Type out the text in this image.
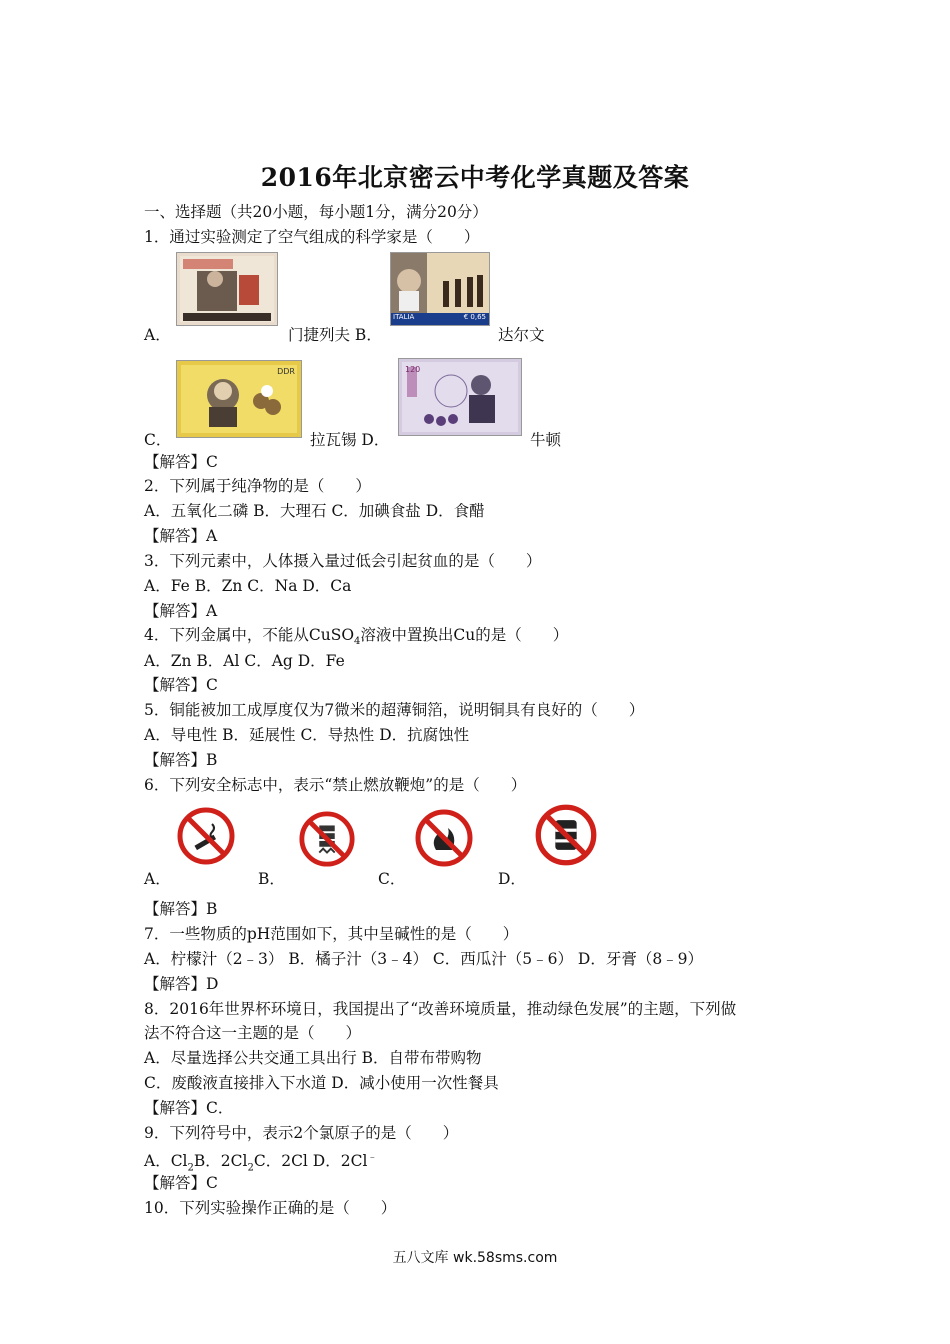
2016年北京密云中考化学真题及答案
一、选择题（共20小题，每小题1分，满分20分）
1．通过实验测定了空气组成的科学家是（　　）
ITALIA	€ 0,65
A．	门捷列夫 B．	达尔文
DDR	120
C．	拉瓦锡 D．	牛顿
【解答】C
2．下列属于纯净物的是（　　）
A．五氧化二磷 B．大理石 C．加碘食盐 D．食醋
【解答】A
3．下列元素中，人体摄入量过低会引起贫血的是（　　）
A．Fe B．Zn C．Na D．Ca
【解答】A
4．下列金属中，不能从CuSO$_4$溶液中置换出Cu的是（　　）
A．Zn B．Al C．Ag D．Fe
【解答】C
5．铜能被加工成厚度仅为7微米的超薄铜箔，说明铜具有良好的（　　）
A．导电性 B．延展性 C．导热性 D．抗腐蚀性
【解答】B
6．下列安全标志中，表示“禁止燃放鞭炮”的是（　　）
A．	B．	C．	D．
【解答】B
7．一些物质的pH范围如下，其中呈碱性的是（　　）
A．柠檬汁（2﹣3） B．橘子汁（3﹣4） C．西瓜汁（5﹣6） D．牙膏（8﹣9）
【解答】D
8．2016年世界杯环境日，我国提出了“改善环境质量，推动绿色发展”的主题，下列做
法不符合这一主题的是（　　）
A．尽量选择公共交通工具出行 B．自带布带购物
C．废酸液直接排入下水道 D．减小使用一次性餐具
【解答】C．
9．下列符号中，表示2个氯原子的是（　　）
A．$Cl_2B$．$2Cl_2C$．2Cl D．2Cl﹣
【解答】C
10．下列实验操作正确的是（　　）
五八文库 wk.58sms.com
